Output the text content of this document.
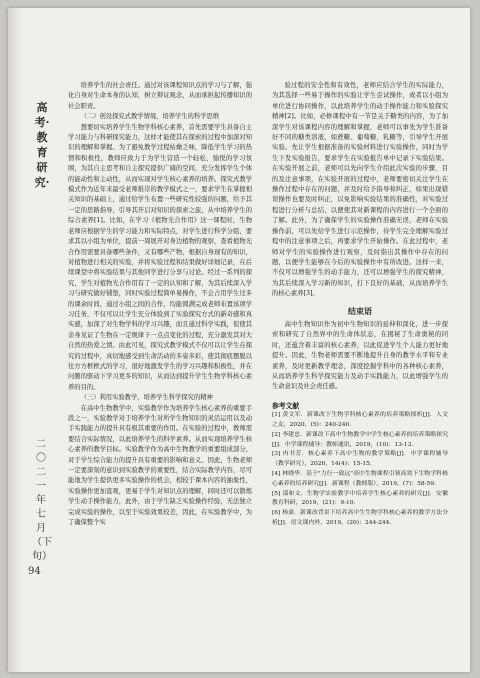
高考·教育研究·
二〇二一年七月（下旬）
94

培养学生的社会责任。通过对该课程知识点的学习与了解，强化自身对生命本身的认知，树立辩证观念，从而承担起传播知识的社会职责。

（二）创设探究式教学情境，培养学生的科学思维

想要切实培养学生生物学科核心素养，首先需要学生具备自主学习能力与科研探究能力，这样才能使其在探索的过程中加深对知识的理解和掌握。为了避免教学过程枯燥乏味，降低学生学习的热情和积极性，教师应致力于为学生营造一个轻松、愉悦的学习氛围，为其自主思考和自主探究提供广阔的空间，充分发挥学生个体的能动性和主动性，从而实现对学生核心素养的培养。探究式教学模式作为近年来最受老师推崇的教学模式之一，要求学生在掌握相关知识的基础上，通过给学生布置一些研究性较强的问题，给予其一定的思路指导，引导其开启对知识的探索之旅，从中培养学生的综合素养[1]。比如，在学习《植物光合作用》这一课程时，生物老师应根据学生的学习能力和实际特点，对学生进行科学分组，要求其以小组为单位，提前一周展开对身边植物的观察，查看植物光合作用需要具备哪些条件，又有哪些产物，根据自身现有的知识，对植物进行相关的实验，并将实验过程和结果做好详细记录，在后续课堂中将实验结果与其他同学进行分享与讨论。经过一系列的探究，学生对植物光合作用有了一定的认知和了解，为其后续深入学习与研究做好铺垫，同时实验过程简单易操作，不会占用学生过多的课余时间，通过小组之间的合作，均能圆满完成老师布置该项学习任务，不仅可以让学生充分体验到了实验探究方式的新奇感和真实感，加深了对生物学科的学习兴趣，而且通过科学实践，促使其亲身见证了生物在一定规律下一点点变化的过程，充分激发其对大自然的热爱之情。由此可见，探究式教学模式不仅可以让学生在探究的过程中，真切地感受到生命活动的多姿多彩，使其彻底摆脱以往方方框框式的学习，很好地激发学生的学习兴趣和积极性，并在问题的驱动下学习更多的知识，从而达到提升学生生物学科核心素养的目的。

（三）利用实验教学，培养学生科学探究的精神

在高中生物教学中，实验教学作为培养学生核心素养的重要手段之一，实验教学对于培养学生对所学生物知识的灵活运用以及动手实践能力的提升具有极其重要的作用。在实验的过程中，教师需要结合实际情况，以此培养学生的科学素养。从而实现培养学生核心素养的教学目标。实验教学作为高中生物教学的重要组成部分，对于学生综合能力的提升具有重要的影响和意义。因此，生物老师一定要深刻的意识到实验教学的重要性，结合实际教学内容，尽可能地为学生提供更多实验操作的机会，相较于课本内容的抽象性，实验操作更加直观，更易于学生对知识点的理解，同时还可以锻炼学生动手操作能力，此外，由于学生缺乏实验操作经验，无法独立完成实验的操作，以至于实验效果较差，因此，在实验教学中，为了确保整个实

验过程的安全性和有效性，老师应结合学生的实际能力，为其选择一些易于操作的实验让学生尝试操作，或者以小组为单位进行协同操作，以此培养学生的动手操作能力和实验探究精神[2]。比如，必修课程中有一节是关于糖类的内容，为了加深学生对该课程内容的理解和掌握，老师可以事先为学生准备好不同的糖类溶液，如蔗糖、葡萄糖、乳糖等，引导学生开展实验。先让学生根据准备的实验材料进行实验操作，同时为学生下发实验报告，要求学生在实验报告单中记录下实验结果。在实验开展之前，老师可以先向学生介绍此次实验的步骤、目的及注意事项，在实验开展的过程中，老师要密切关注学生在操作过程中存在的问题，并及时给予指导和纠正，如果出现错误操作也要及时纠正，以免影响实验结果的准确性，对实验过程进行分析与总结，以便使其对新课程的内容进行一个全面的了解。此外，为了确保学生的实验操作准确无误，老师在实验操作前，可以先给学生进行示范操作，待学生完全理解实验过程中的注意事项之后，再要求学生开始操作。在此过程中，老师对学生的实验操作进行观察，及时指出其操作中存在的问题，以便学生能够在今后的实验操作中有所改进。这样一来，不仅可以增强学生的动手能力，还可以增强学生的探究精神，为其后续深入学习新的知识，打下良好的基础，从而培养学生的核心素养[3]。

结束语

高中生物知识作为初中生物知识的延伸和深化，进一步探索和研究了自然界中的生命体状态，在揭秘了生命奥秘的同时，还蕴含着丰富的核心素养，以此促进学生个人能力更好地提升。因此，生物老师需要不断地提升自身的教学水平和专业素养，及时更新教学理念，深度挖掘学科中的各种核心素养，从而培养学生科学探究能力及动手实践能力，以此增强学生的生命意识及社会责任感。

参考文献

[1] 黄文军．新课改下生物学科核心素养的培养策略探析[J]．人文之友，2020，(5)：240-240.
[2] 李建忠．新课改下高中生物教学中学生核心素养的培养策略探究[J]．中学课程辅导：教师通讯，2019，(10)：13-13.
[3] 冉书芳．核心素养下高中生物的教学策略[J]．中学课程辅导（教学研究），2020，14(4)：15-15.
[4] 林晓华．基于"力行一致远"高中生物课程引领高效下生物学科核心素养的培养研究[J]．新课程（教师版），2019，(7)：58-59.
[5] 邵和文．生物学实验教学中培养学生核心素养的研究[J]．安徽教育科研，2019，(21)：9-10.
[6] 杨桑．新课改背景下培养高中生生物学科核心素养的教学方法分析[J]．语文课内外，2019，(20)：244-244.
